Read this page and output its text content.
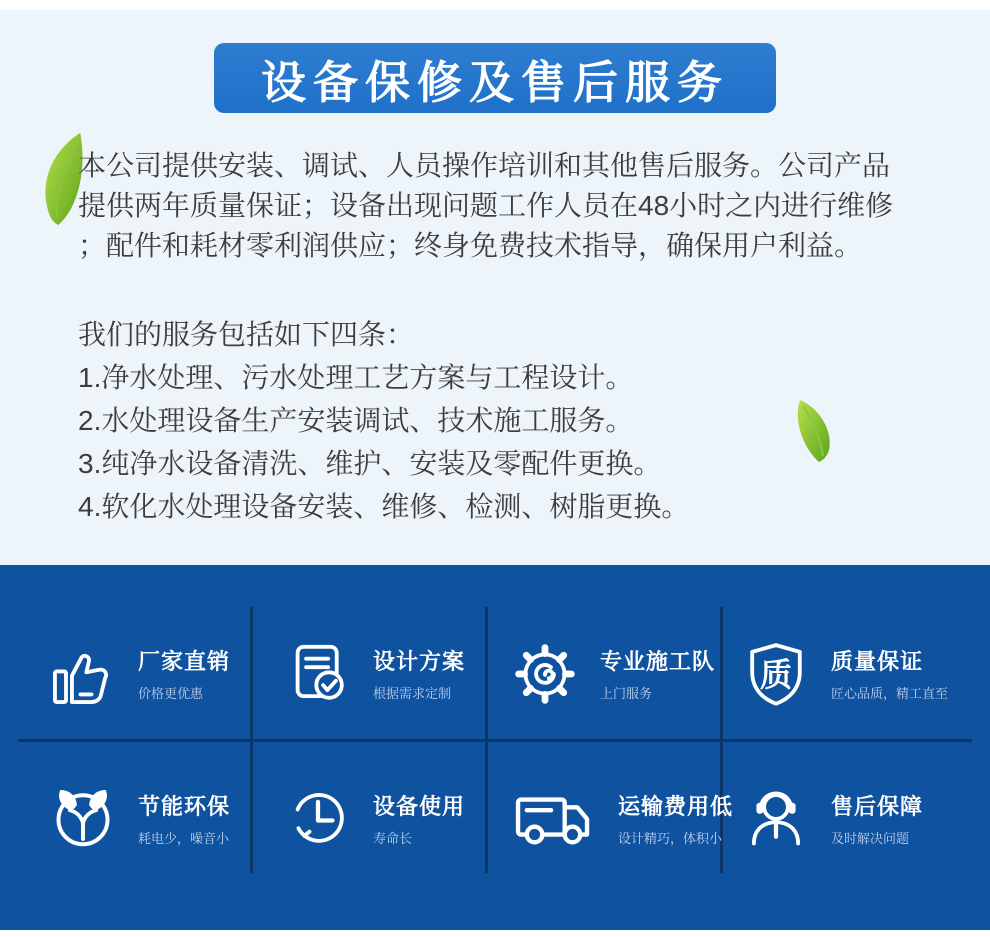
设备保修及售后服务
本公司提供安装、调试、人员操作培训和其他售后服务。公司产品
提供两年质量保证；设备出现问题工作人员在48小时之内进行维修
；配件和耗材零利润供应；终身免费技术指导，确保用户利益。
我们的服务包括如下四条：
1.净水处理、污水处理工艺方案与工程设计。
2.水处理设备生产安装调试、技术施工服务。
3.纯净水设备清洗、维护、安装及零配件更换。
4.软化水处理设备安装、维修、检测、树脂更换。
厂家直销
价格更优惠
设计方案
根据需求定制
专业施工队
上门服务
质 质量保证
匠心品质，精工直至
节能环保
耗电少，噪音小
设备使用
寿命长
运输费用低
设计精巧，体积小
售后保障
及时解决问题
